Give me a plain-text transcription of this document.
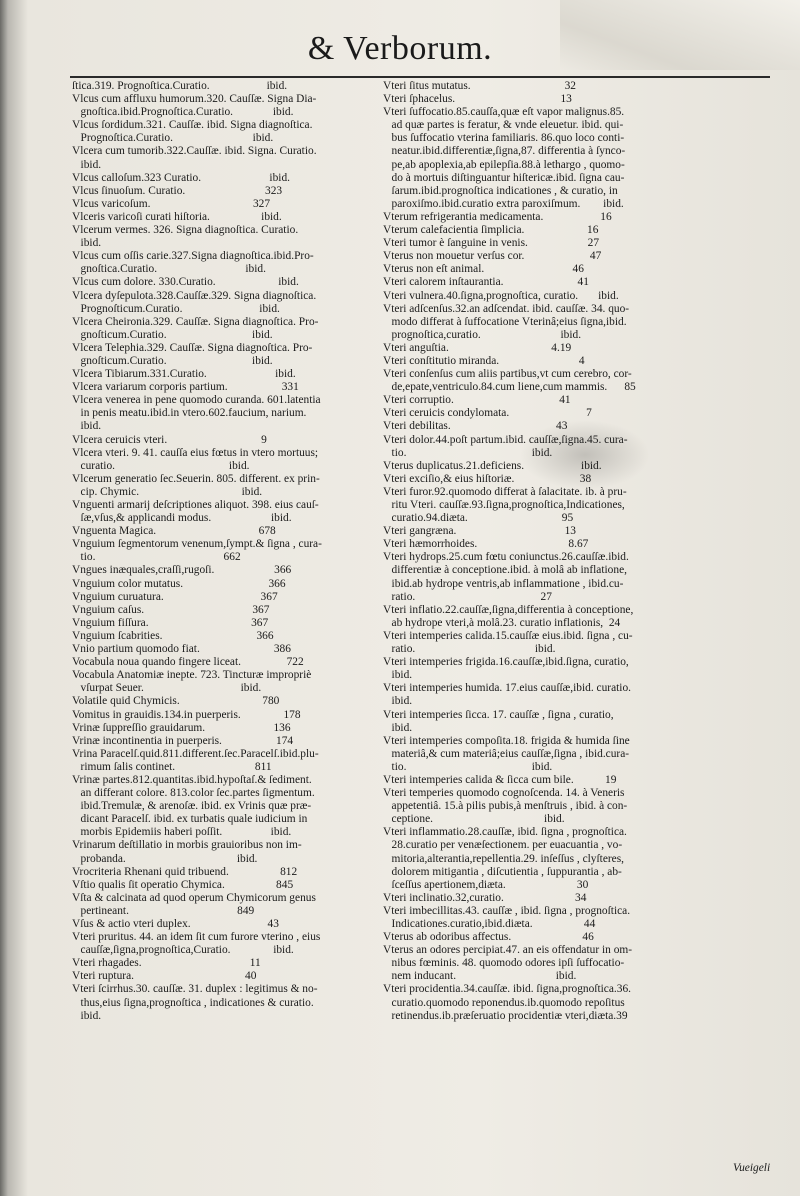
& Verborum.
ſtica.319. Prognoſtica.Curatio.                    ibid.
Vlcus cum affluxu humorum.320. Cauſſæ. Signa Dia-
gnoſtica.ibid.Prognoſtica.Curatio.              ibid.
Vlcus ſordidum.321. Cauſſæ. ibid. Signa diagnoſtica.
Prognoſtica.Curatio.                            ibid.
Vlcera cum tumorib.322.Cauſſæ. ibid. Signa. Curatio.
ibid.
Vlcus calloſum.323 Curatio.                        ibid.
Vlcus ſinuoſum. Curatio.                            323
Vlcus varicoſum.                                    327
Vlceris varicoſi curati hiſtoria.                  ibid.
Vlcerum vermes. 326. Signa diagnoſtica. Curatio.
ibid.
Vlcus cum oſſis carie.327.Signa diagnoſtica.ibid.Pro-
gnoſtica.Curatio.                               ibid.
Vlcus cum dolore. 330.Curatio.                      ibid.
Vlcera dyſepulota.328.Cauſſæ.329. Signa diagnoſtica.
Prognoſticum.Curatio.                           ibid.
Vlcera Cheironia.329. Cauſſæ. Signa diagnoſtica. Pro-
gnoſticum.Curatio.                              ibid.
Vlcera Telephia.329. Cauſſæ. Signa diagnoſtica. Pro-
gnoſticum.Curatio.                              ibid.
Vlcera Tibiarum.331.Curatio.                        ibid.
Vlcera variarum corporis partium.                   331
Vlcera venerea in pene quomodo curanda. 601.latentia
in penis meatu.ibid.in vtero.602.faucium, narium.
ibid.
Vlcera ceruicis vteri.                                 9
Vlcera vteri. 9. 41. cauſſa eius fœtus in vtero mortuus;
curatio.                                        ibid.
Vlcerum generatio ſec.Seuerin. 805. different. ex prin-
cip. Chymic.                                    ibid.
Vnguenti armarij deſcriptiones aliquot. 398. eius cauſ-
ſæ,vſus,& applicandi modus.                     ibid.
Vnguenta Magica.                                    678
Vnguium ſegmentorum venenum,ſympt.& ſigna , cura-
tio.                                             662
Vngues inæquales,craſſi,rugoſi.                     366
Vnguium color mutatus.                              366
Vnguium curuatura.                                  367
Vnguium caſus.                                      367
Vnguium fiſſura.                                    367
Vnguium ſcabrities.                                 366
Vnio partium quomodo fiat.                          386
Vocabula noua quando fingere liceat.                722
Vocabula Anatomiæ inepte. 723. Tincturæ impropriè
vſurpat Seuer.                                  ibid.
Volatile quid Chymicis.                             780
Vomitus in grauidis.134.in puerperis.               178
Vrinæ ſuppreſſio grauidarum.                        136
Vrinæ incontinentia in puerperis.                   174
Vrina Paracelſ.quid.811.different.ſec.Paracelſ.ibid.plu-
rimum ſalis continet.                            811
Vrinæ partes.812.quantitas.ibid.hypoſtaſ.& ſediment.
an differant colore. 813.color ſec.partes ſigmentum.
ibid.Tremulæ, & arenoſæ. ibid. ex Vrinis quæ præ-
dicant Paracelſ. ibid. ex turbatis quale iudicium in
morbis Epidemiis haberi poſſit.                 ibid.
Vrinarum deſtillatio in morbis grauioribus non im-
probanda.                                       ibid.
Vrocriteria Rhenani quid tribuend.                  812
Vſtio qualis ſit operatio Chymica.                  845
Vſta & calcinata ad quod operum Chymicorum genus
pertineant.                                      849
Vſus & actio vteri duplex.                           43
Vteri pruritus. 44. an idem ſit cum furore vterino , eius
cauſſæ,ſigna,prognoſtica,Curatio.               ibid.
Vteri rhagades.                                      11
Vteri ruptura.                                       40
Vteri ſcirrhus.30. cauſſæ. 31. duplex : legitimus & no-
thus,eius ſigna,prognoſtica , indicationes & curatio.
ibid.
Vteri ſitus mutatus.                                 32
Vteri ſphacelus.                                     13
Vteri ſuffocatio.85.cauſſa,quæ eſt vapor malignus.85.
ad quæ partes is feratur, & vnde eleuetur. ibid. qui-
bus ſuffocatio vterina familiaris. 86.quo loco conti-
neatur.ibid.differentiæ,ſigna,87. differentia à ſynco-
pe,ab apoplexia,ab epilepſia.88.à lethargo , quomo-
do à mortuis diſtinguantur hiſtericæ.ibid. ſigna cau-
ſarum.ibid.prognoſtica indicationes , & curatio, in
paroxiſmo.ibid.curatio extra paroxiſmum.        ibid.
Vterum refrigerantia medicamenta.                    16
Vterum calefacientia ſimplicia.                      16
Vteri tumor è ſanguine in venis.                     27
Vterus non mouetur verſus cor.                       47
Vterus non eſt animal.                               46
Vteri calorem inſtaurantia.                          41
Vteri vulnera.40.ſigna,prognoſtica, curatio.       ibid.
Vteri adſcenſus.32.an adſcendat. ibid. cauſſæ. 34. quo-
modo differat à ſuffocatione Vterinâ;eius ſigna,ibid.
prognoſtica,curatio.                            ibid.
Vteri anguſtia.                                    4.19
Vteri conſtitutio miranda.                            4
Vteri conſenſus cum aliis partibus,vt cum cerebro, cor-
de,epate,ventriculo.84.cum liene,cum mammis.      85
Vteri corruptio.                                     41
Vteri ceruicis condylomata.                           7
Vteri debilitas.                                     43
Vteri dolor.44.poſt partum.ibid. cauſſæ,ſigna.45. cura-
tio.                                            ibid.
Vterus duplicatus.21.deficiens.                    ibid.
Vteri exciſio,& eius hiſtoriæ.                       38
Vteri furor.92.quomodo differat à ſalacitate. ib. à pru-
ritu Vteri. cauſſæ.93.ſigna,prognoſtica,Indicationes,
curatio.94.diæta.                                 95
Vteri gangræna.                                      13
Vteri hæmorrhoides.                                8.67
Vteri hydrops.25.cum fœtu coniunctus.26.cauſſæ.ibid.
differentiæ à conceptione.ibid. à molâ ab inflatione,
ibid.ab hydrope ventris,ab inflammatione , ibid.cu-
ratio.                                            27
Vteri inflatio.22.cauſſæ,ſigna,differentia à conceptione,
ab hydrope vteri,à molâ.23. curatio inflationis,  24
Vteri intemperies calida.15.cauſſæ eius.ibid. ſigna , cu-
ratio.                                          ibid.
Vteri intemperies frigida.16.cauſſæ,ibid.ſigna, curatio,
ibid.
Vteri intemperies humida. 17.eius cauſſæ,ibid. curatio.
ibid.
Vteri intemperies ſicca. 17. cauſſæ , ſigna , curatio,
ibid.
Vteri intemperies compoſita.18. frigida & humida ſine
materiâ,& cum materiâ;eius cauſſæ,ſigna , ibid.cura-
tio.                                            ibid.
Vteri intemperies calida & ſicca cum bile.           19
Vteri temperies quomodo cognoſcenda. 14. à Veneris
appetentiâ. 15.à pilis pubis,à menſtruis , ibid. à con-
ceptione.                                       ibid.
Vteri inflammatio.28.cauſſæ, ibid. ſigna , prognoſtica.
28.curatio per venæſectionem. per euacuantia , vo-
mitoria,alterantia,repellentia.29. inſeſſus , clyſteres,
dolorem mitigantia , diſcutientia , ſuppurantia , ab-
ſceſſus apertionem,diæta.                         30
Vteri inclinatio.32,curatio.                         34
Vteri imbecillitas.43. cauſſæ , ibid. ſigna , prognoſtica.
Indicationes.curatio,ibid.diæta.                  44
Vterus ab odoribus affectus.                         46
Vterus an odores percipiat.47. an eis offendatur in om-
nibus fœminis. 48. quomodo odores ipſi ſuffocatio-
nem inducant.                                   ibid.
Vteri procidentia.34.cauſſæ. ibid. ſigna,prognoſtica.36.
curatio.quomodo reponendus.ib.quomodo repoſitus
retinendus.ib.præſeruatio procidentiæ vteri,diæta.39
Vueigeli
